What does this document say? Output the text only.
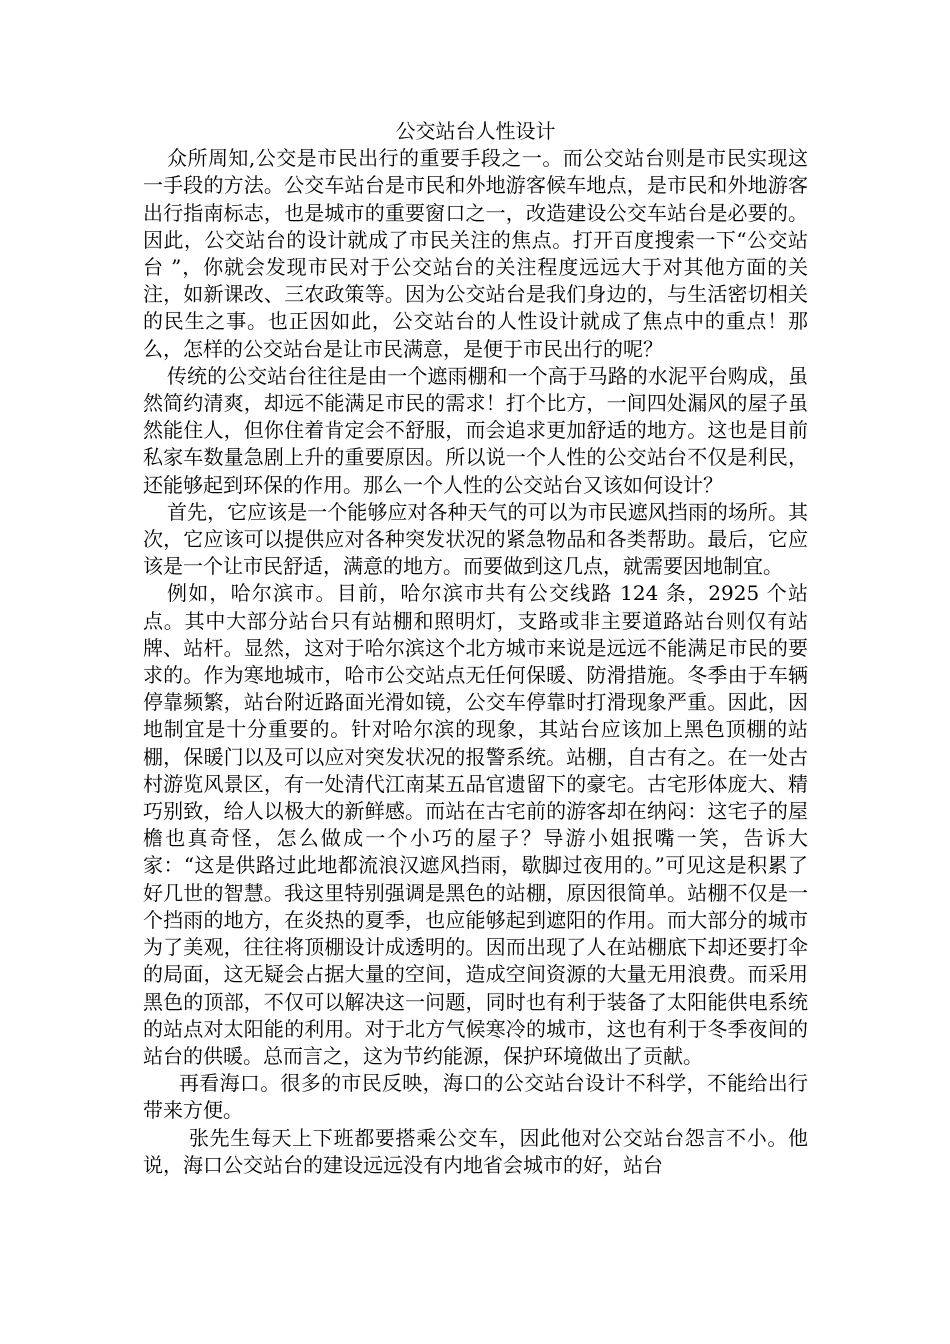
公交站台人性设计

众所周知,公交是市民出行的重要手段之一。而公交站台则是市民实现这一手段的方法。公交车站台是市民和外地游客候车地点，是市民和外地游客出行指南标志，也是城市的重要窗口之一，改造建设公交车站台是必要的。因此，公交站台的设计就成了市民关注的焦点。打开百度搜索一下“公交站台 ”，你就会发现市民对于公交站台的关注程度远远大于对其他方面的关注，如新课改、三农政策等。因为公交站台是我们身边的，与生活密切相关的民生之事。也正因如此，公交站台的人性设计就成了焦点中的重点！那么，怎样的公交站台是让市民满意，是便于市民出行的呢？

传统的公交站台往往是由一个遮雨棚和一个高于马路的水泥平台购成，虽然简约清爽，却远不能满足市民的需求！打个比方，一间四处漏风的屋子虽然能住人，但你住着肯定会不舒服，而会追求更加舒适的地方。这也是目前私家车数量急剧上升的重要原因。所以说一个人性的公交站台不仅是利民，还能够起到环保的作用。那么一个人性的公交站台又该如何设计？

首先，它应该是一个能够应对各种天气的可以为市民遮风挡雨的场所。其次，它应该可以提供应对各种突发状况的紧急物品和各类帮助。最后，它应该是一个让市民舒适，满意的地方。而要做到这几点，就需要因地制宜。

例如，哈尔滨市。目前，哈尔滨市共有公交线路 124 条，2925 个站点。其中大部分站台只有站棚和照明灯，支路或非主要道路站台则仅有站牌、站杆。显然，这对于哈尔滨这个北方城市来说是远远不能满足市民的要求的。作为寒地城市，哈市公交站点无任何保暖、防滑措施。冬季由于车辆停靠频繁，站台附近路面光滑如镜，公交车停靠时打滑现象严重。因此，因地制宜是十分重要的。针对哈尔滨的现象，其站台应该加上黑色顶棚的站棚，保暖门以及可以应对突发状况的报警系统。站棚，自古有之。在一处古村游览风景区，有一处清代江南某五品官遗留下的豪宅。古宅形体庞大、精巧别致，给人以极大的新鲜感。而站在古宅前的游客却在纳闷：这宅子的屋檐也真奇怪，怎么做成一个小巧的屋子？导游小姐抿嘴一笑，告诉大家：“这是供路过此地都流浪汉遮风挡雨，歇脚过夜用的。”可见这是积累了好几世的智慧。我这里特别强调是黑色的站棚，原因很简单。站棚不仅是一个挡雨的地方，在炎热的夏季，也应能够起到遮阳的作用。而大部分的城市为了美观，往往将顶棚设计成透明的。因而出现了人在站棚底下却还要打伞的局面，这无疑会占据大量的空间，造成空间资源的大量无用浪费。而采用黑色的顶部，不仅可以解决这一问题，同时也有利于装备了太阳能供电系统的站点对太阳能的利用。对于北方气候寒冷的城市，这也有利于冬季夜间的站台的供暖。总而言之，这为节约能源，保护环境做出了贡献。

再看海口。很多的市民反映，海口的公交站台设计不科学，不能给出行带来方便。

张先生每天上下班都要搭乘公交车，因此他对公交站台怨言不小。他说，海口公交站台的建设远远没有内地省会城市的好，站台
